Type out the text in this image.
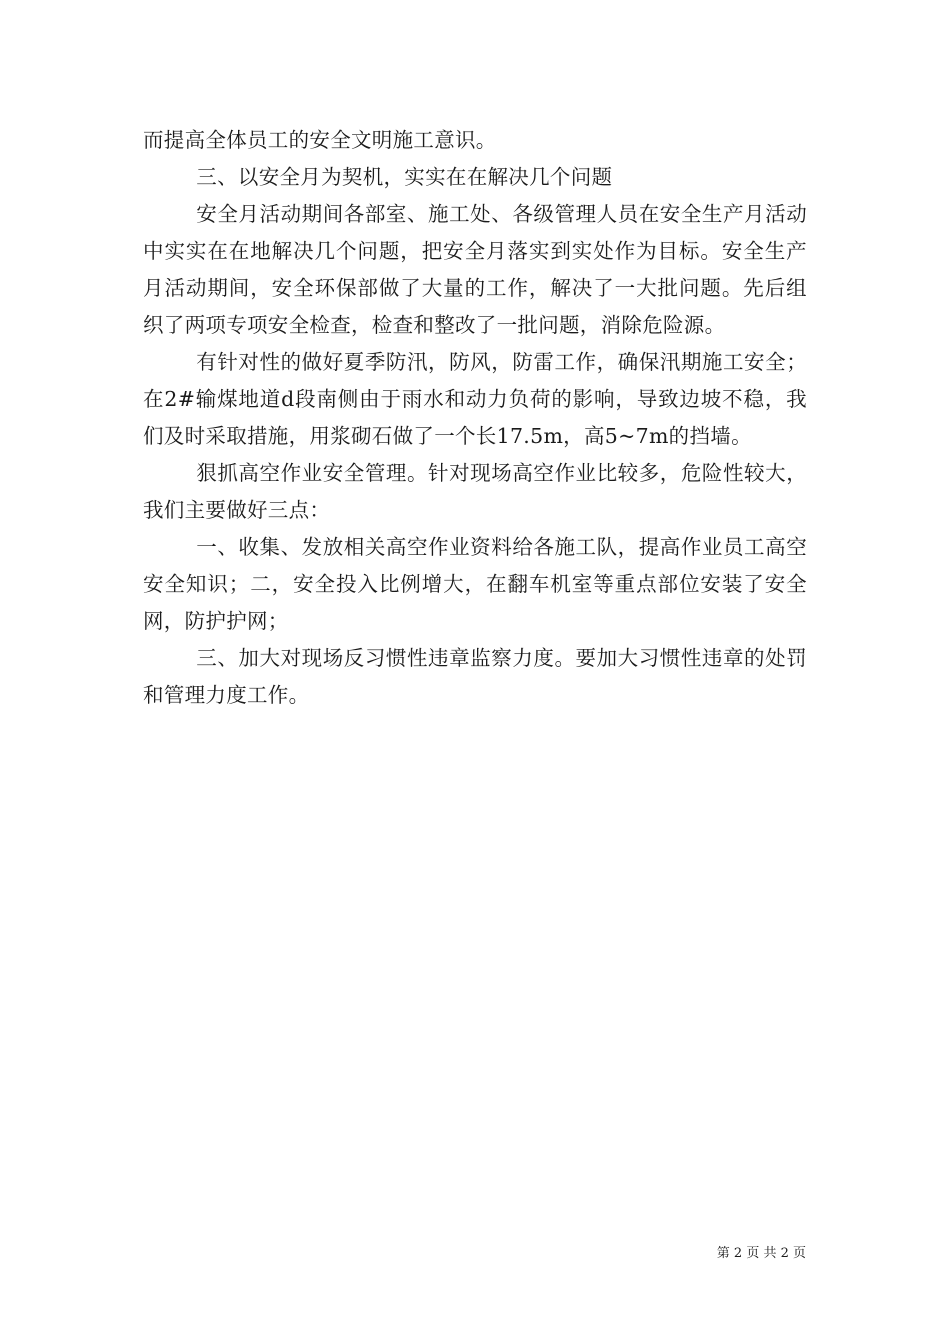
而提高全体员工的安全文明施工意识。

三、以安全月为契机，实实在在解决几个问题

安全月活动期间各部室、施工处、各级管理人员在安全生产月活动中实实在在地解决几个问题，把安全月落实到实处作为目标。安全生产月活动期间，安全环保部做了大量的工作，解决了一大批问题。先后组织了两项专项安全检查，检查和整改了一批问题，消除危险源。

有针对性的做好夏季防汛，防风，防雷工作，确保汛期施工安全；在2#输煤地道d段南侧由于雨水和动力负荷的影响，导致边坡不稳，我们及时采取措施，用浆砌石做了一个长17.5m，高5~7m的挡墙。

狠抓高空作业安全管理。针对现场高空作业比较多，危险性较大，我们主要做好三点：

一、收集、发放相关高空作业资料给各施工队，提高作业员工高空安全知识；二，安全投入比例增大，在翻车机室等重点部位安装了安全网，防护护网；

三、加大对现场反习惯性违章监察力度。要加大习惯性违章的处罚和管理力度工作。

第 2 页 共 2 页
